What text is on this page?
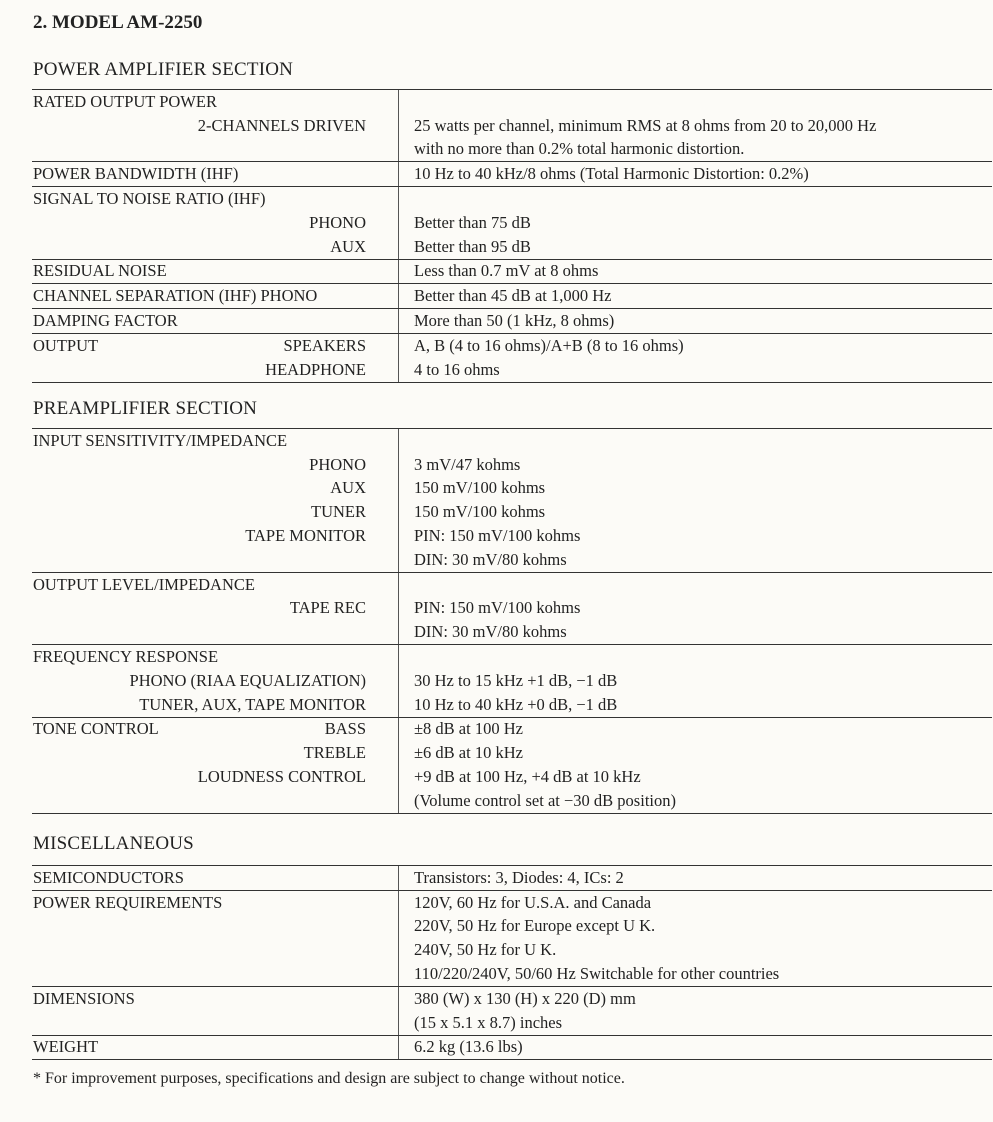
2. MODEL AM-2250
POWER AMPLIFIER SECTION
RATED OUTPUT POWER
2-CHANNELS DRIVEN	25 watts per channel, minimum RMS at 8 ohms from 20 to 20,000 Hz
with no more than 0.2% total harmonic distortion.
POWER BANDWIDTH (IHF)	10 Hz to 40 kHz/8 ohms (Total Harmonic Distortion: 0.2%)
SIGNAL TO NOISE RATIO (IHF)
PHONO	Better than 75 dB
AUX	Better than 95 dB
RESIDUAL NOISE	Less than 0.7 mV at 8 ohms
CHANNEL SEPARATION (IHF) PHONO	Better than 45 dB at 1,000 Hz
DAMPING FACTOR	More than 50 (1 kHz, 8 ohms)
OUTPUT	SPEAKERS	A, B (4 to 16 ohms)/A+B (8 to 16 ohms)
HEADPHONE	4 to 16 ohms
PREAMPLIFIER SECTION
INPUT SENSITIVITY/IMPEDANCE
PHONO	3 mV/47 kohms
AUX	150 mV/100 kohms
TUNER	150 mV/100 kohms
TAPE MONITOR	PIN: 150 mV/100 kohms
DIN: 30 mV/80 kohms
OUTPUT LEVEL/IMPEDANCE
TAPE REC	PIN: 150 mV/100 kohms
DIN: 30 mV/80 kohms
FREQUENCY RESPONSE
PHONO (RIAA EQUALIZATION)	30 Hz to 15 kHz +1 dB, −1 dB
TUNER, AUX, TAPE MONITOR	10 Hz to 40 kHz +0 dB, −1 dB
TONE CONTROL	BASS	±8 dB at 100 Hz
TREBLE	±6 dB at 10 kHz
LOUDNESS CONTROL	+9 dB at 100 Hz, +4 dB at 10 kHz
(Volume control set at −30 dB position)
MISCELLANEOUS
SEMICONDUCTORS	Transistors: 3, Diodes: 4, ICs: 2
POWER REQUIREMENTS	120V, 60 Hz for U.S.A. and Canada
220V, 50 Hz for Europe except U K.
240V, 50 Hz for U K.
110/220/240V, 50/60 Hz Switchable for other countries
DIMENSIONS	380 (W) x 130 (H) x 220 (D) mm
(15 x 5.1 x 8.7) inches
WEIGHT	6.2 kg (13.6 lbs)

* For improvement purposes, specifications and design are subject to change without notice.
